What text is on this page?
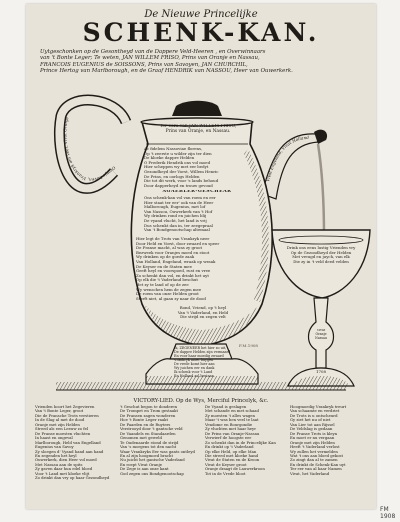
De Nieuwe Princelijke
SCHENK-KAN.
Uytgeschonken op de Gesontheyd van de Dappere Veld-Heeren , en Overwinnaars
van 't Bonte Leger; Te weten, JAN WILLEM FRISO, Prins van Oranje en Nassau,
FRANCOIS EUGENIUS de SOISSONS, Prins van Savoyen, JAN CHURCHIL,
Prince Hertog van Marlborough, en de Graaf HENDRIK van NASSOU, Heer van Ouwerkerk.
Oranje boven, Vrankryk om veer, Vivat Oranje
Vivat Engeland, Vivat Holland
Ter eere van JAN WILLEM FRISO, Prins van Oranje, en Nassau.
Ac fidelem Nassoviae florens,
Op 't zeerste u wilder zijn ter dien
De kloeke dappre Helden
O Frederik Hendrik ons vol moed
Hier scheppen wy met eer bedyt
Gezondheyd der Vorst, Willem Henric
De Prins, en oorlogs Helden
Die tot dit werk, voor 's lands behoud
Door dapperheyd en trouw gevoud
AGAEBLER-GESCHEAR
Ons schenk-kan vol van roem en eer
Hier staat ter eer' ook van de Heer
Malborough, Eugenius, met lof
Van Nassou, Ouwerkerk van 't Hof
Wy drinken rond en juichen blij
De vyand vlucht, het land is vrij
Dus schenkt dan in, ter zeegepraal
Van 't Bondgenootschap altemaal
Hier legt de Trots van Vrankryk neer
Door Held en Vorst, door zwaard en speer
De Franse macht, al was zy groot
Bezweek voor Oranjes moed en stoot
Wy drinken op de goede zaak
Van Holland, Engeland, wraak op wraak
De Keyser en de Staten mee
Geeft heyl en voorspoed, rust en vree
Zo schenkt dan vol, en drinkt het uyt
Op elk die 't Vaderland beschut
Het zy te land of op de zee
Wy wenschen hem de zegen mee
De roem van onze Helden groot
Sterft niet, al gaan zy naar de dood
Rond, Vriend, op 't heyl
Van 't Vaderland, en Held
Die strijd en zegen velt
Ik, ZEGENEER het hier zo uit,
De dappre Helden zijn vermaard
En voor haar moedig zwaard
Vrankryk moet buygen
De vrede komt hier aan
Wy juichen eer en dank
Ik schenk voor 't Land
En Holland zal bestaan.
Drink ons eens lustig Vrienden vry
Op de Gezondheyd der Helden
Met vreugd en juych, van elk
Die zy in 't veld deed velden
Vivat
Oranje
Nassau
1708
F.M.1908
VICTORY-LIED. Op de Wys, Merciful Princelyk, &c.
Vrienden hoort het Zegevieren
Van 't Bonte Leger, groot
Die de Fransche Trots verstieren
In de Slag al met de dood
Oranje met zijn Helden
Streed als een Leeuw zo fel
De Franse moesten vluchten
In haast en ongeval
Marlborough, Held van Engelland
Eugenius van Savoy
Zy sloegen d' Vyand hand aan hand
En zegenden het heyl
Ouwerkerk, dien Heer vol moed
Met Nassau aan de spits
Zy gaven daar hun edel bloed
Voor 't Land met kloeke vlijt
Zo drinkt dan vry op haar Gezondheyd
't Geschut begon te donderen
De Trompet en Trom gestaakt
De Fransen zagen wonderen
Hoe 't Bonte Leger raakt
De Paarden en de Ruyters
Verstrooyd door 't gantsche veld
De Vaandels en Standaarden
Genomen met geweld
Te Oudenaarde stond de strijd
Van 's morgens tot den nacht
Waar Vrankryks Eer was gants ontleyd
En al zijn hoogmoed bracht
Nu juicht het gantsche Vaderland
En roept Vivat Oranje
De Zege is aan onze kant
God zegen ons Bondgenootschap
De Vyand is geslagen
Met schande en met schaad
Zy moesten 't alles wagen
Maar 't was hen veel te laat
Vendome en Bourgondie
Zy vluchten met haar heyr
De Prins van Oranje-Nassau
Verwierf de hoogste eer
Zo schenkt dan in de Princelijke Kan
En drinkt op 't Vaderland
Op elke Held, op elke Man
Die streed met kloeke hand
Vivat de Staten en de Kroon
Vivat de Keyser groot
Oranje draagt de Lauwerkroon
Tot in de Vrede bloot
Hoogmoedig Vrankryk treurt
Van schaamte en verdriet
De Trots is u ontscheurd
Gy ziet het nu of niet
Van Lier tot aan Rijssel
De Veldslag is gedaan
De Franse Trots is kleyn
En moet er nu vergaan
Oranje met zijn Helden
Heeft 't Vaderland verlost
Wy zullen het vermelden
Wat 't ons aan bloed gekost
Zo zingt dan al te zamen
En drinkt de Schenk-Kan uyt
Ter eer van al haar Namen
Vivat, het Vaderland
FM 1908
